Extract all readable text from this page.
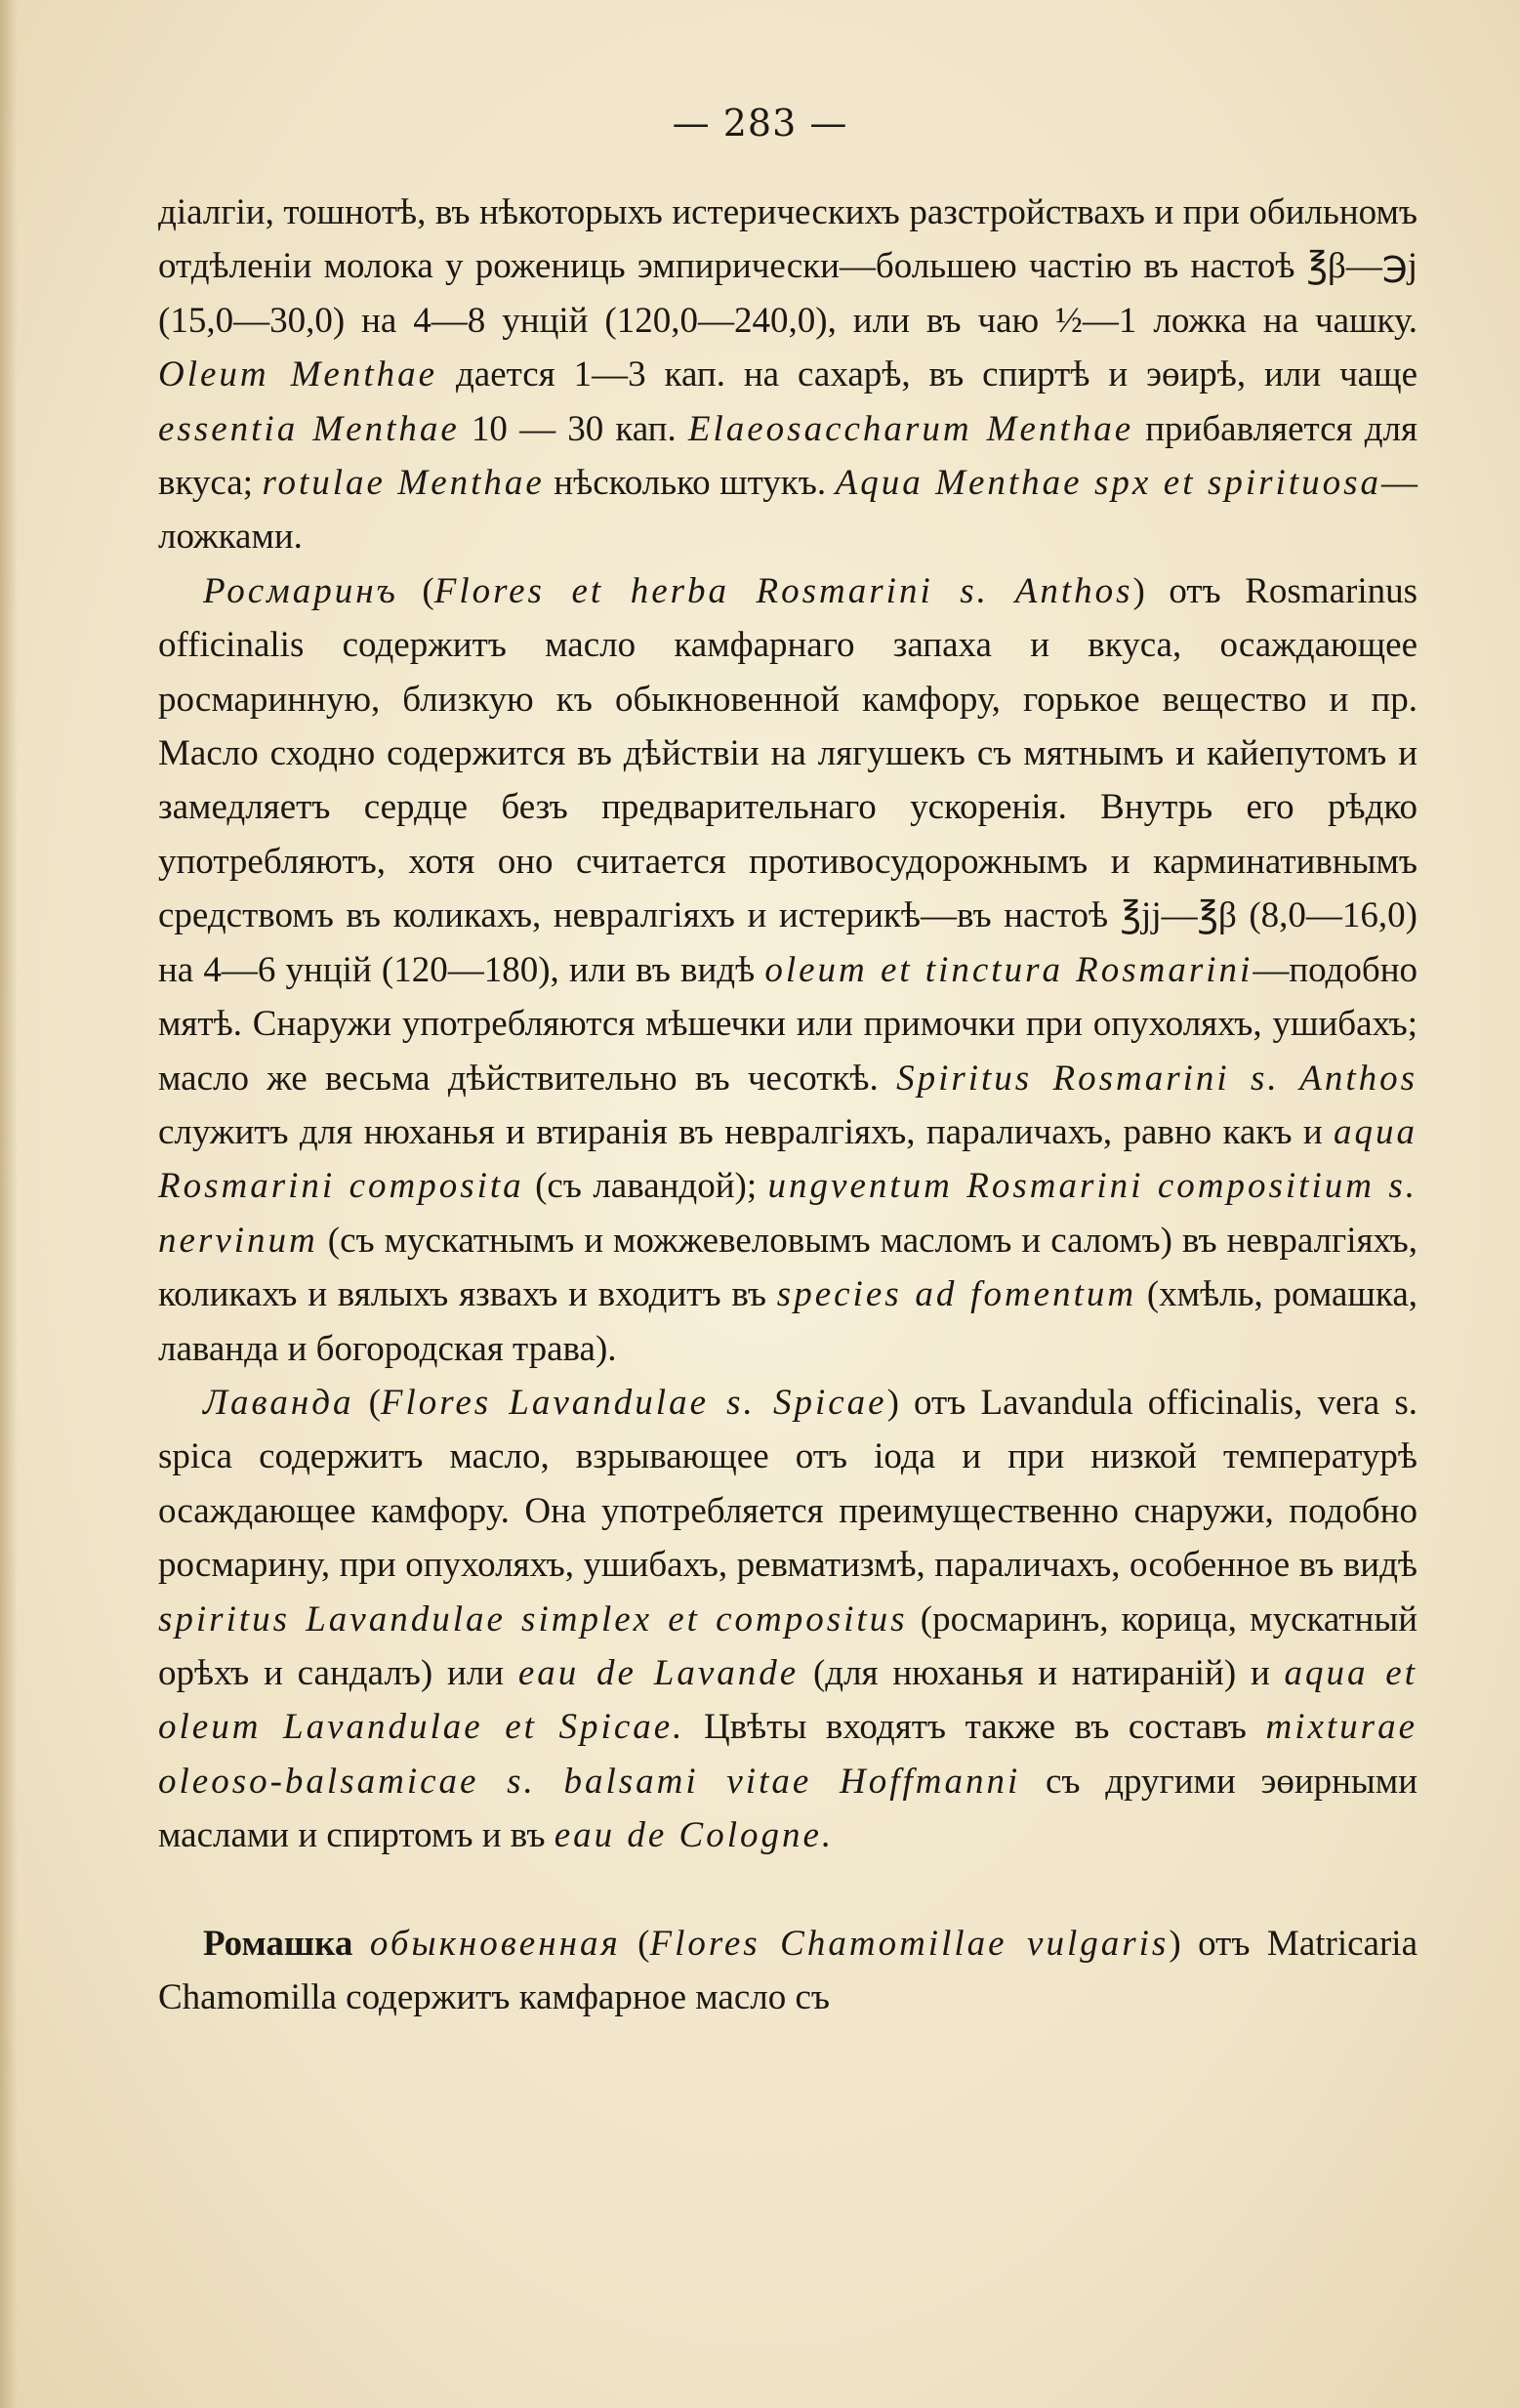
— 283 —

діалгіи, тошнотѣ, въ нѣкоторыхъ истерическихъ разстройствахъ и при обильномъ отдѣленіи молока у рожениць эмпирически—большею частію въ настоѣ ℥β—℈j (15,0—30,0) на 4—8 унцій (120,0—240,0), или въ чаю ½—1 ложка на чашку. Oleum Menthae дается 1—3 кап. на сахарѣ, въ спиртѣ и эөирѣ, или чаще essentia Menthae 10 — 30 кап. Elaeosaccharum Menthae прибавляется для вкуса; rotulae Menthae нѣсколько штукъ. Aqua Menthae spx et spirituosa—ложками.

Росмаринъ (Flores et herba Rosmarini s. Anthos) отъ Rosmarinus officinalis содержитъ масло камфарнаго запаха и вкуса, осаждающее росмаринную, близкую къ обыкновенной камфору, горькое вещество и пр. Масло сходно содержится въ дѣйствіи на лягушекъ съ мятнымъ и кайепутомъ и замедляетъ сердце безъ предварительнаго ускоренія. Внутрь его рѣдко употребляютъ, хотя оно считается противосудорожнымъ и карминативнымъ средствомъ въ коликахъ, невралгіяхъ и истерикѣ—въ настоѣ ℥jj—℥β (8,0—16,0) на 4—6 унцій (120—180), или въ видѣ oleum et tinctura Rosmarini—подобно мятѣ. Снаружи употребляются мѣшечки или примочки при опухоляхъ, ушибахъ; масло же весьма дѣйствительно въ чесоткѣ. Spiritus Rosmarini s. Anthos служитъ для нюханья и втиранія въ невралгіяхъ, параличахъ, равно какъ и aqua Rosmarini composita (съ лавандой); ungventum Rosmarini compositium s. nervinum (съ мускатнымъ и можжевеловымъ масломъ и саломъ) въ невралгіяхъ, коликахъ и вялыхъ язвахъ и входитъ въ species ad fomentum (хмѣль, ромашка, лаванда и богородская трава).

Лаванда (Flores Lavandulae s. Spicae) отъ Lavandula officinalis, vera s. spica содержитъ масло, взрывающее отъ іода и при низкой температурѣ осаждающее камфору. Она употребляется преимущественно снаружи, подобно росмарину, при опухоляхъ, ушибахъ, ревматизмѣ, параличахъ, особенное въ видѣ spiritus Lavandulae simplex et compositus (росмаринъ, корица, мускатный орѣхъ и сандалъ) или eau de Lavande (для нюханья и натираній) и aqua et oleum Lavandulae et Spicae. Цвѣты входятъ также въ составъ mixturae oleoso-balsamicae s. balsami vitae Hoffmanni съ другими эөирными маслами и спиртомъ и въ eau de Cologne.

Ромашка обыкновенная (Flores Chamomillae vulgaris) отъ Matricaria Chamomilla содержитъ камфарное масло съ
